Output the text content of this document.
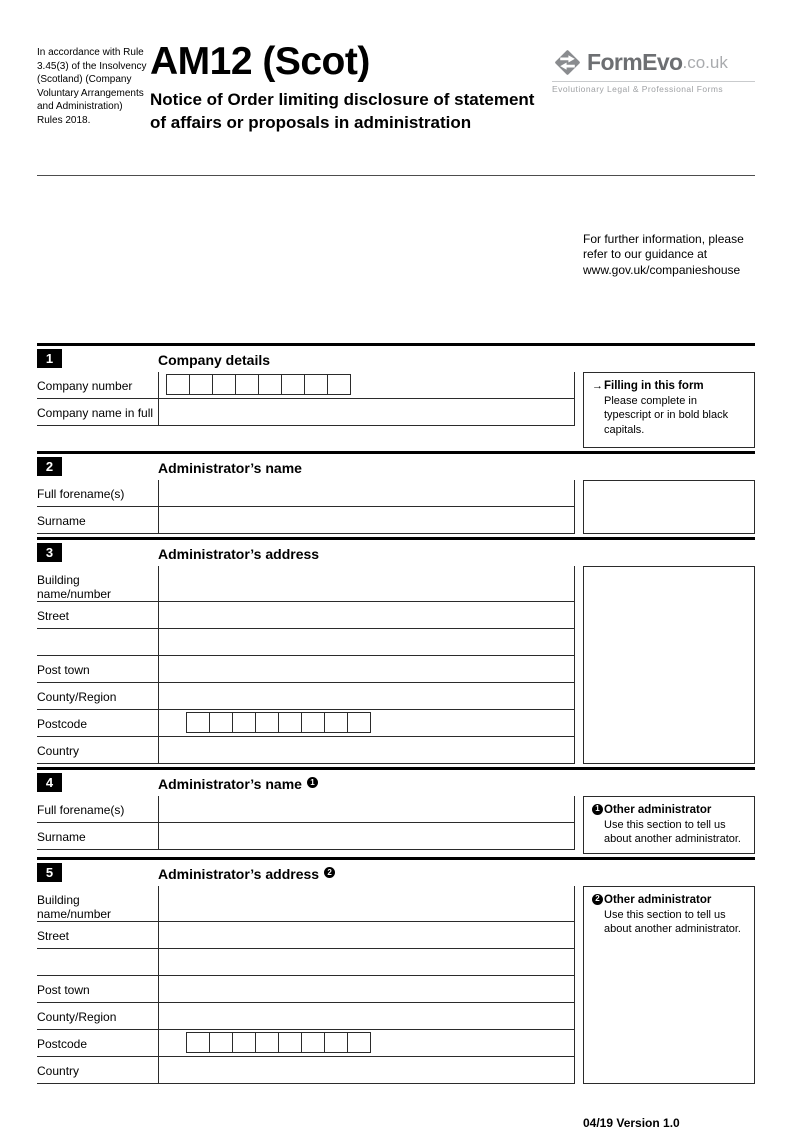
In accordance with Rule 3.45(3) of the Insolvency (Scotland) (Company Voluntary Arrangements and Administration) Rules 2018.
AM12 (Scot)
Notice of Order limiting disclosure of statement of affairs or proposals in administration
FormEvo .co.uk
Evolutionary Legal & Professional Forms
For further information, please refer to our guidance at www.gov.uk/companieshouse
1	Company details
Company number
Company name in full
→ Filling in this form
Please complete in typescript or in bold black capitals.
2	Administrator’s name
Full forename(s)
Surname
3	Administrator’s address
Building name/number
Street
Post town
County/Region
Postcode
Country
4	Administrator’s name 1
Full forename(s)
Surname
1 Other administrator
Use this section to tell us about another administrator.
5	Administrator’s address 2
Building name/number
Street
Post town
County/Region
Postcode
Country
2 Other administrator
Use this section to tell us about another administrator.
04/19 Version 1.0
